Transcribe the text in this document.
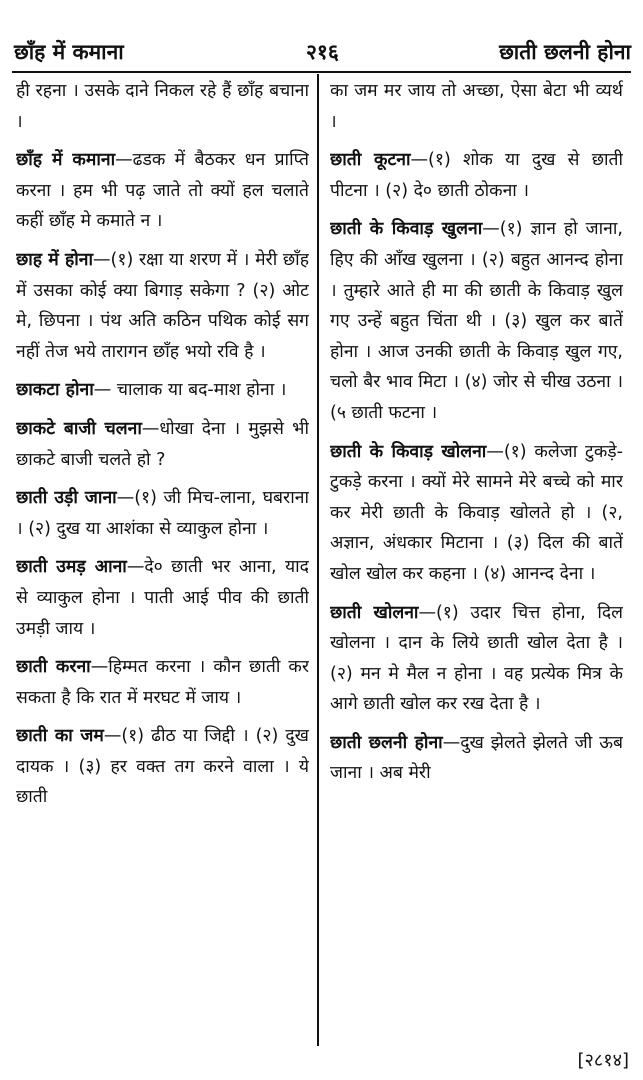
छाँह में कमाना	२१६	छाती छलनी होना

ही रहना । उसके दाने निकल रहे हैं छाँह बचाना ।

छाँह में कमाना—ढडक में बैठकर धन प्राप्ति करना । हम भी पढ़ जाते तो क्यों हल चलाते कहीं छाँह मे कमाते न ।

छाह में होना—(१) रक्षा या शरण में । मेरी छाँह में उसका कोई क्या बिगाड़ सकेगा ? (२) ओट मे, छिपना । पंथ अति कठिन पथिक कोई सग नहीं तेज भये तारागन छाँह भयो रवि है ।

छाकटा होना— चालाक या बद-माश होना ।

छाकटे बाजी चलना—धोखा देना । मुझसे भी छाकटे बाजी चलते हो ?

छाती उड़ी जाना—(१) जी मिच-लाना, घबराना । (२) दुख या आशंका से व्याकुल होना ।

छाती उमड़ आना—दे० छाती भर आना, याद से व्याकुल होना । पाती आई पीव की छाती उमड़ी जाय ।

छाती करना—हिम्मत करना । कौन छाती कर सकता है कि रात में मरघट में जाय ।

छाती का जम—(१) ढीठ या जिद्दी । (२) दुख दायक । (३) हर वक्त तग करने वाला । ये छाती

का जम मर जाय तो अच्छा, ऐसा बेटा भी व्यर्थ ।

छाती कूटना—(१) शोक या दुख से छाती पीटना । (२) दे० छाती ठोकना ।

छाती के किवाड़ खुलना—(१) ज्ञान हो जाना, हिए की आँख खुलना । (२) बहुत आनन्द होना । तुम्हारे आते ही मा की छाती के किवाड़ खुल गए उन्हें बहुत चिंता थी । (३) खुल कर बातें होना । आज उनकी छाती के किवाड़ खुल गए, चलो बैर भाव मिटा । (४) जोर से चीख उठना । (५ छाती फटना ।

छाती के किवाड़ खोलना—(१) कलेजा टुकड़े-टुकड़े करना । क्यों मेरे सामने मेरे बच्चे को मार कर मेरी छाती के किवाड़ खोलते हो । (२, अज्ञान, अंधकार मिटाना । (३) दिल की बातें खोल खोल कर कहना । (४) आनन्द देना ।

छाती खोलना—(१) उदार चित्त होना, दिल खोलना । दान के लिये छाती खोल देता है । (२) मन मे मैल न होना । वह प्रत्येक मित्र के आगे छाती खोल कर रख देता है ।

छाती छलनी होना—दुख झेलते झेलते जी ऊब जाना । अब मेरी

[२८१४]
